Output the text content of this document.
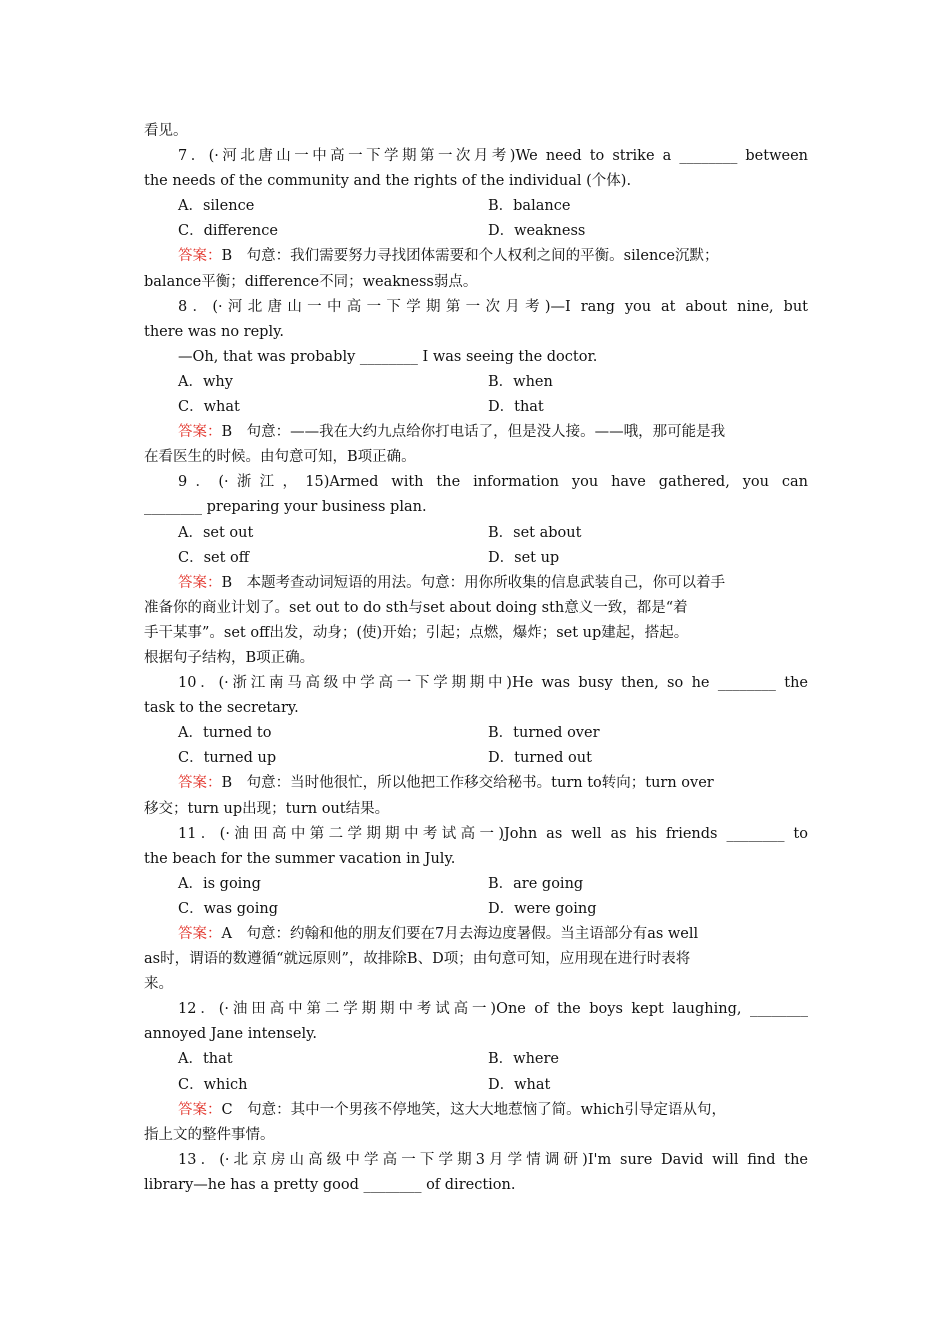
看见。
7．(·河北唐山一中高一下学期第一次月考)We need to strike a ________ between
the needs of the community and the rights of the individual (个体).
A．silence	B．balance
C．difference	D．weakness
答案：B　句意：我们需要努力寻找团体需要和个人权利之间的平衡。silence沉默；
balance平衡；difference不同；weakness弱点。
8．(·河北唐山一中高一下学期第一次月考)—I rang you at about nine, but
there was no reply.
—Oh, that was probably ________ I was seeing the doctor.
A．why	B．when
C．what	D．that
答案：B　句意：——我在大约九点给你打电话了，但是没人接。——哦，那可能是我
在看医生的时候。由句意可知，B项正确。
9．(·浙江，15)Armed with the information you have gathered, you can
________ preparing your business plan.
A．set out	B．set about
C．set off	D．set up
答案：B　本题考查动词短语的用法。句意：用你所收集的信息武装自己，你可以着手
准备你的商业计划了。set out to do sth与set about doing sth意义一致，都是“着
手干某事”。set off出发，动身；(使)开始；引起；点燃，爆炸；set up建起，搭起。
根据句子结构，B项正确。
10．(·浙江南马高级中学高一下学期期中)He was busy then, so he ________ the
task to the secretary.
A．turned to	B．turned over
C．turned up	D．turned out
答案：B　句意：当时他很忙，所以他把工作移交给秘书。turn to转向；turn over
移交；turn up出现；turn out结果。
11．(·油田高中第二学期期中考试高一)John as well as his friends ________ to
the beach for the summer vacation in July.
A．is going	B．are going
C．was going	D．were going
答案：A　句意：约翰和他的朋友们要在7月去海边度暑假。当主语部分有as well
as时，谓语的数遵循“就远原则”，故排除B、D项；由句意可知，应用现在进行时表将
来。
12．(·油田高中第二学期期中考试高一)One of the boys kept laughing, ________
annoyed Jane intensely.
A．that	B．where
C．which	D．what
答案：C　句意：其中一个男孩不停地笑，这大大地惹恼了简。which引导定语从句，
指上文的整件事情。
13．(·北京房山高级中学高一下学期3月学情调研)I'm sure David will find the
library—he has a pretty good ________ of direction.
